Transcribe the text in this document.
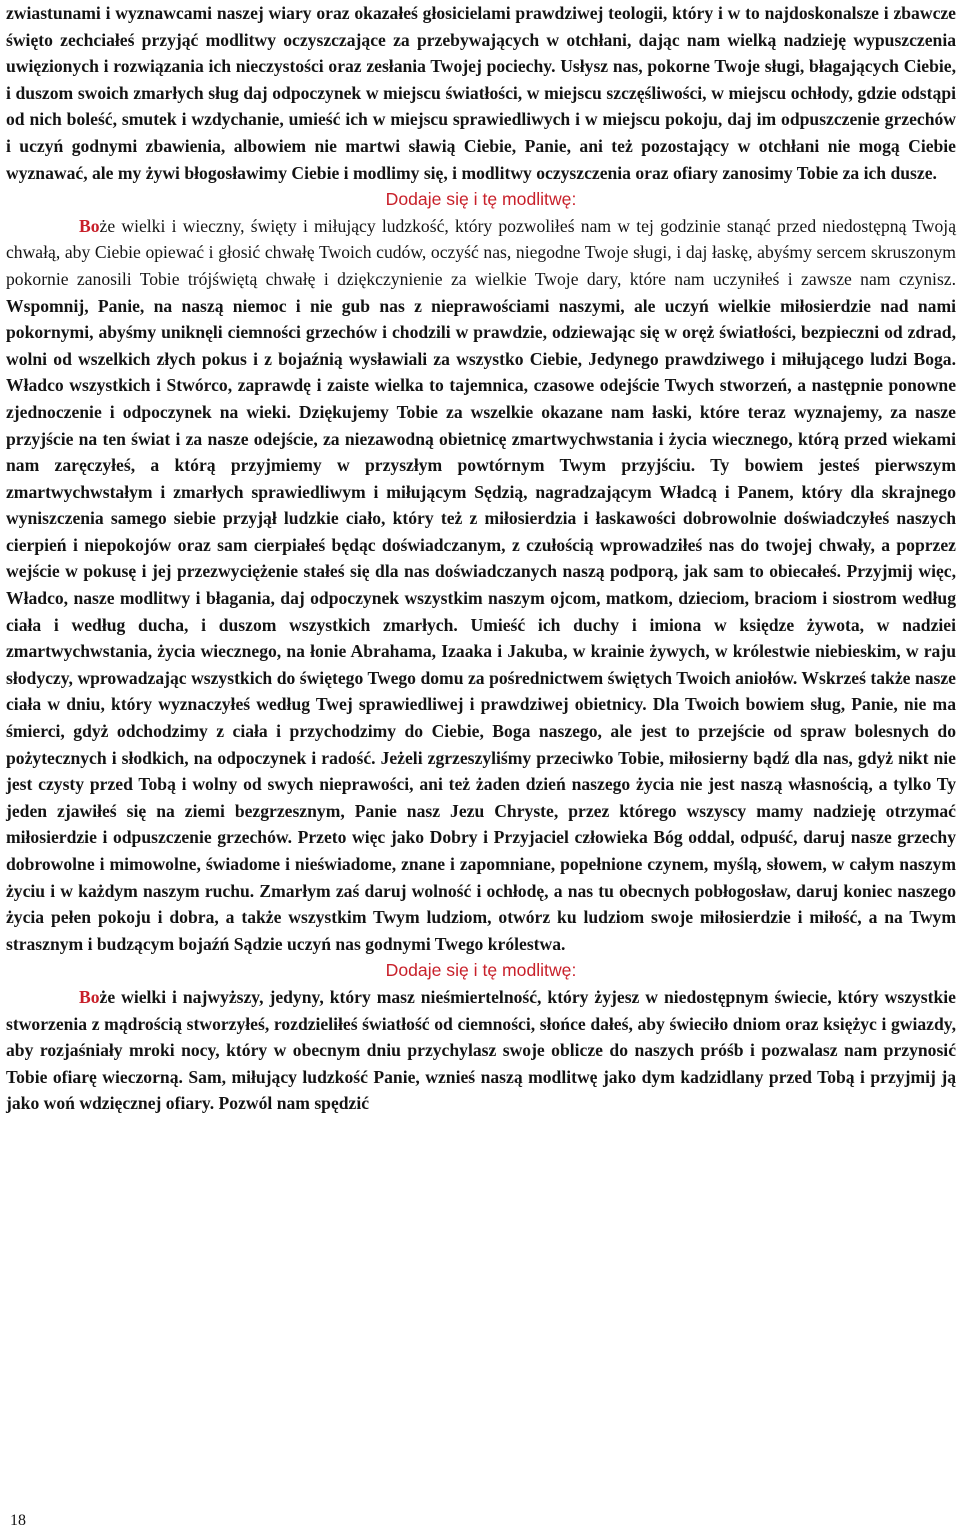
zwiastunami i wyznawcami naszej wiary oraz okazałeś głosicielami prawdziwej teologii, który i w to najdoskonalsze i zbawcze święto zechciałeś przyjąć modlitwy oczyszczające za przebywających w otchłani, dając nam wielką nadzieję wypuszczenia uwięzionych i rozwiązania ich nieczystości oraz zesłania Twojej pociechy. Usłysz nas, pokorne Twoje sługi, błagających Ciebie, i duszom swoich zmarłych sług daj odpoczynek w miejscu światłości, w miejscu szczęśliwości, w miejscu ochłody, gdzie odstąpi od nich boleść, smutek i wzdychanie, umieść ich w miejscu sprawiedliwych i w miejscu pokoju, daj im odpuszczenie grzechów i uczyń godnymi zbawienia, albowiem nie martwi sławią Ciebie, Panie, ani też pozostający w otchłani nie mogą Ciebie wyznawać, ale my żywi błogosławimy Ciebie i modlimy się, i modlitwy oczyszczenia oraz ofiary zanosimy Tobie za ich dusze.

Dodaje się i tę modlitwę:

Boże wielki i wieczny, święty i miłujący ludzkość, który pozwoliłeś nam w tej godzinie stanąć przed niedostępną Twoją chwałą, aby Ciebie opiewać i głosić chwałę Twoich cudów, oczyść nas, niegodne Twoje sługi, i daj łaskę, abyśmy sercem skruszonym pokornie zanosili Tobie trójświętą chwałę i dziękczynienie za wielkie Twoje dary, które nam uczyniłeś i zawsze nam czynisz. Wspomnij, Panie, na naszą niemoc i nie gub nas z nieprawościami naszymi, ale uczyń wielkie miłosierdzie nad nami pokornymi, abyśmy uniknęli ciemności grzechów i chodzili w prawdzie, odziewając się w oręż światłości, bezpieczni od zdrad, wolni od wszelkich złych pokus i z bojaźnią wysławiali za wszystko Ciebie, Jedynego prawdziwego i miłującego ludzi Boga. Władco wszystkich i Stwórco, zaprawdę i zaiste wielka to tajemnica, czasowe odejście Twych stworzeń, a następnie ponowne zjednoczenie i odpoczynek na wieki. Dziękujemy Tobie za wszelkie okazane nam łaski, które teraz wyznajemy, za nasze przyjście na ten świat i za nasze odejście, za niezawodną obietnicę zmartwychwstania i życia wiecznego, którą przed wiekami nam zaręczyłeś, a którą przyjmiemy w przyszłym powtórnym Twym przyjściu. Ty bowiem jesteś pierwszym zmartwychwstałym i zmarłych sprawiedliwym i miłującym Sędzią, nagradzającym Władcą i Panem, który dla skrajnego wyniszczenia samego siebie przyjął ludzkie ciało, który też z miłosierdzia i łaskawości dobrowolnie doświadczyłeś naszych cierpień i niepokojów oraz sam cierpiałeś będąc doświadczanym, z czułością wprowadziłeś nas do twojej chwały, a poprzez wejście w pokusę i jej przezwyciężenie stałeś się dla nas doświadczanych naszą podporą, jak sam to obiecałeś. Przyjmij więc, Władco, nasze modlitwy i błagania, daj odpoczynek wszystkim naszym ojcom, matkom, dzieciom, braciom i siostrom według ciała i według ducha, i duszom wszystkich zmarłych. Umieść ich duchy i imiona w księdze żywota, w nadziei zmartwychwstania, życia wiecznego, na łonie Abrahama, Izaaka i Jakuba, w krainie żywych, w królestwie niebieskim, w raju słodyczy, wprowadzając wszystkich do świętego Twego domu za pośrednictwem świętych Twoich aniołów. Wskrześ także nasze ciała w dniu, który wyznaczyłeś według Twej sprawiedliwej i prawdziwej obietnicy. Dla Twoich bowiem sług, Panie, nie ma śmierci, gdyż odchodzimy z ciała i przychodzimy do Ciebie, Boga naszego, ale jest to przejście od spraw bolesnych do pożytecznych i słodkich, na odpoczynek i radość. Jeżeli zgrzeszyliśmy przeciwko Tobie, miłosierny bądź dla nas, gdyż nikt nie jest czysty przed Tobą i wolny od swych nieprawości, ani też żaden dzień naszego życia nie jest naszą własnością, a tylko Ty jeden zjawiłeś się na ziemi bezgrzesznym, Panie nasz Jezu Chryste, przez którego wszyscy mamy nadzieję otrzymać miłosierdzie i odpuszczenie grzechów. Przeto więc jako Dobry i Przyjaciel człowieka Bóg oddal, odpuść, daruj nasze grzechy dobrowolne i mimowolne, świadome i nieświadome, znane i zapomniane, popełnione czynem, myślą, słowem, w całym naszym życiu i w każdym naszym ruchu. Zmarłym zaś daruj wolność i ochłodę, a nas tu obecnych pobłogosław, daruj koniec naszego życia pełen pokoju i dobra, a także wszystkim Twym ludziom, otwórz ku ludziom swoje miłosierdzie i miłość, a na Twym strasznym i budzącym bojaźń Sądzie uczyń nas godnymi Twego królestwa.

Dodaje się i tę modlitwę:

Boże wielki i najwyższy, jedyny, który masz nieśmiertelność, który żyjesz w niedostępnym świecie, który wszystkie stworzenia z mądrością stworzyłeś, rozdzieliłeś światłość od ciemności, słońce dałeś, aby świeciło dniom oraz księżyc i gwiazdy, aby rozjaśniały mroki nocy, który w obecnym dniu przychylasz swoje oblicze do naszych próśb i pozwalasz nam przynosić Tobie ofiarę wieczorną. Sam, miłujący ludzkość Panie, wznieś naszą modlitwę jako dym kadzidlany przed Tobą i przyjmij ją jako woń wdzięcznej ofiary. Pozwól nam spędzić

18
